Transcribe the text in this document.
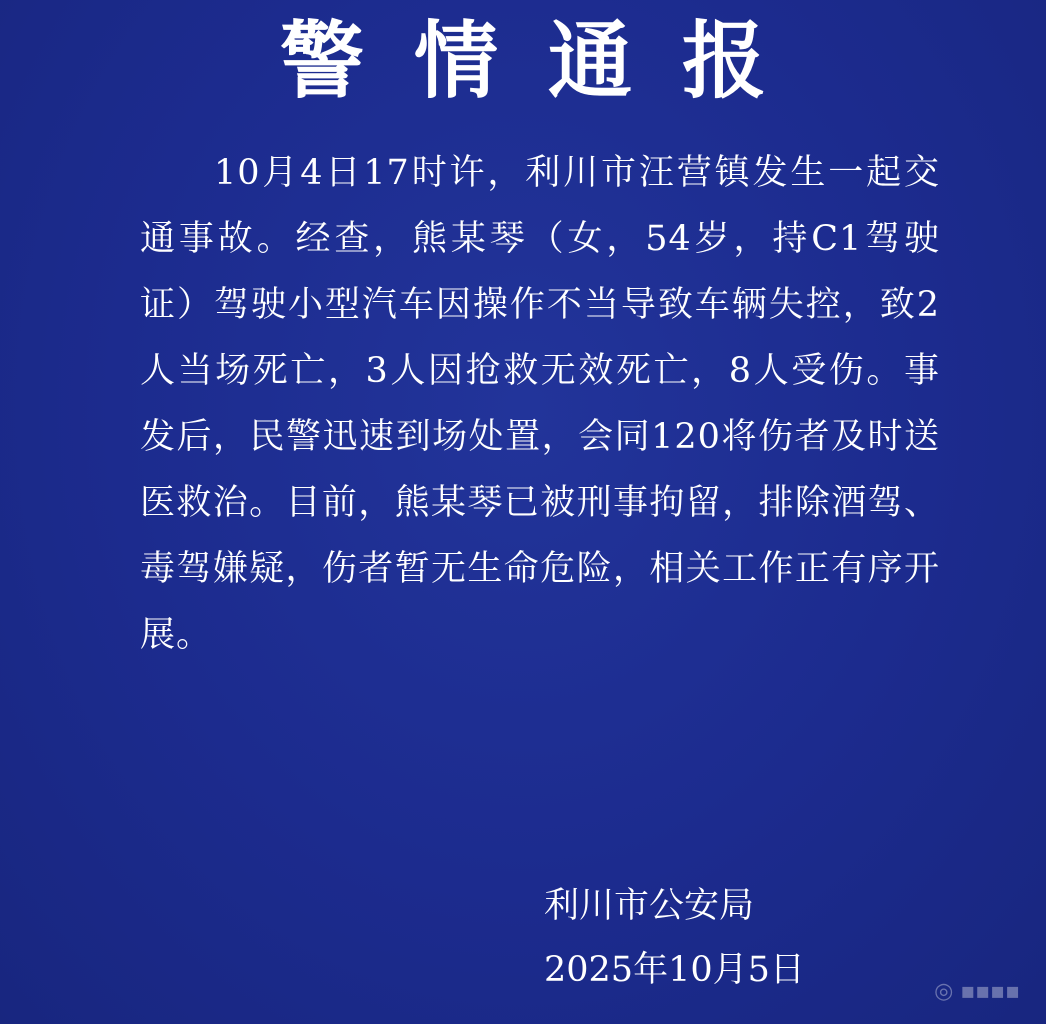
警情通报

10月4日17时许，利川市汪营镇发生一起交通事故。经查，熊某琴（女，54岁，持C1驾驶证）驾驶小型汽车因操作不当导致车辆失控，致2人当场死亡，3人因抢救无效死亡，8人受伤。事发后，民警迅速到场处置，会同120将伤者及时送医救治。目前，熊某琴已被刑事拘留，排除酒驾、毒驾嫌疑，伤者暂无生命危险，相关工作正有序开展。

利川市公安局
2025年10月5日
◎ ▪▪▪▪
